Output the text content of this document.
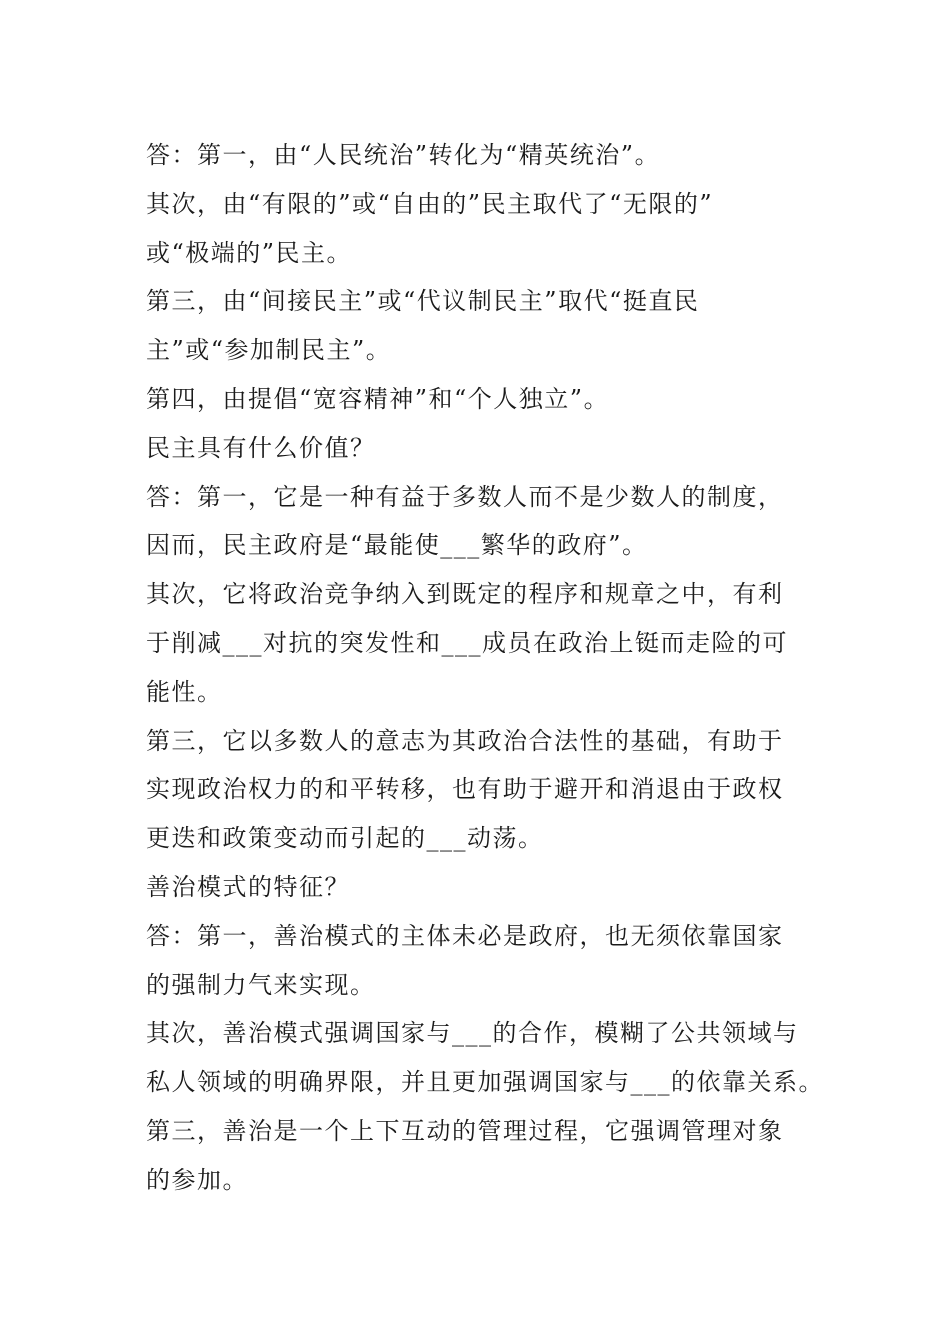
答：第一，由“人民统治”转化为“精英统治”。
其次，由“有限的”或“自由的”民主取代了“无限的”
或“极端的”民主。
第三，由“间接民主”或“代议制民主”取代“挺直民
主”或“参加制民主”。
第四，由提倡“宽容精神”和“个人独立”。
民主具有什么价值？
答：第一，它是一种有益于多数人而不是少数人的制度，
因而，民主政府是“最能使___繁华的政府”。
其次，它将政治竞争纳入到既定的程序和规章之中，有利
于削减___对抗的突发性和___成员在政治上铤而走险的可
能性。
第三，它以多数人的意志为其政治合法性的基础，有助于
实现政治权力的和平转移，也有助于避开和消退由于政权
更迭和政策变动而引起的___动荡。
善治模式的特征？
答：第一，善治模式的主体未必是政府，也无须依靠国家
的强制力气来实现。
其次，善治模式强调国家与___的合作，模糊了公共领域与
私人领域的明确界限，并且更加强调国家与___的依靠关系。
第三，善治是一个上下互动的管理过程，它强调管理对象
的参加。
